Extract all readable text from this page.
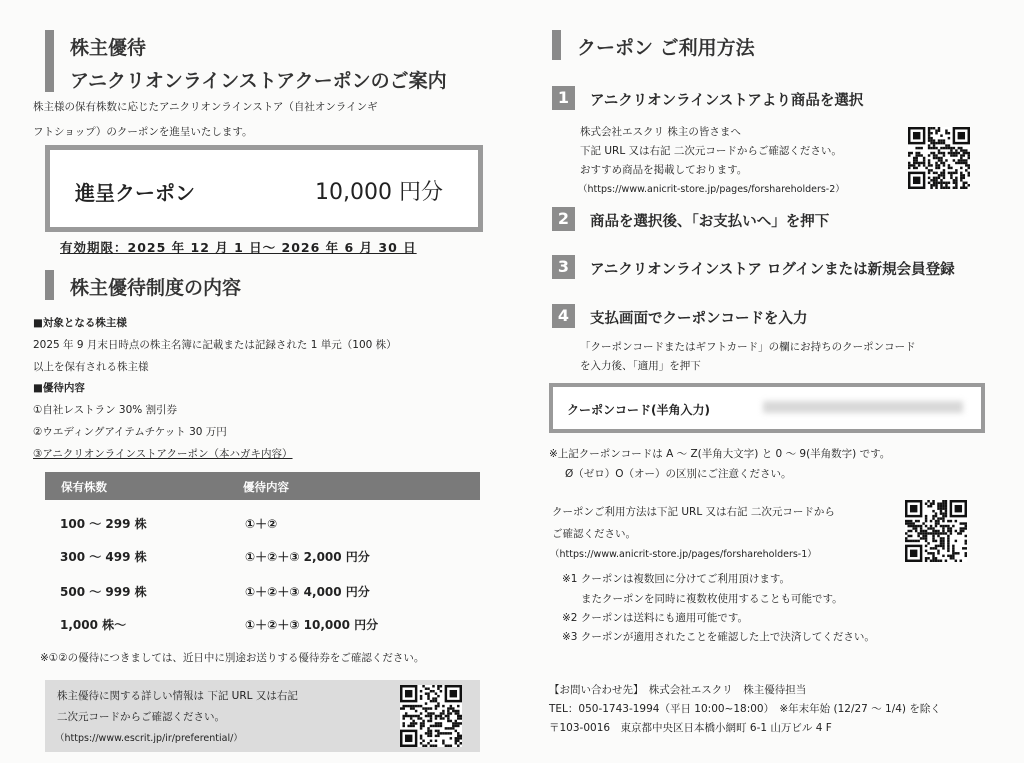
株主優待
アニクリオンラインストアクーポンのご案内
株主様の保有株数に応じたアニクリオンラインストア（自社オンラインギ
フトショップ）のクーポンを進呈いたします。
進呈クーポン	10,000 円分
有効期限：2025 年 12 月 1 日～ 2026 年 6 月 30 日
株主優待制度の内容
■対象となる株主様
2025 年 9 月末日時点の株主名簿に記載または記録された 1 単元（100 株）
以上を保有される株主様
■優待内容
①自社レストラン 30% 割引券
②ウエディングアイテムチケット 30 万円
③アニクリオンラインストアクーポン（本ハガキ内容）
保有株数	優待内容
100 ～ 299 株	①＋②
300 ～ 499 株	①＋②＋③ 2,000 円分
500 ～ 999 株	①＋②＋③ 4,000 円分
1,000 株～	①＋②＋③ 10,000 円分
※①②の優待につきましては、近日中に別途お送りする優待券をご確認ください。
株主優待に関する詳しい情報は 下記 URL 又は右記
二次元コードからご確認ください。
（https://www.escrit.jp/ir/preferential/）
クーポン ご利用方法
1	アニクリオンラインストアより商品を選択
株式会社エスクリ 株主の皆さまへ
下記 URL 又は右記 二次元コードからご確認ください。
おすすめ商品を掲載しております。
（https://www.anicrit-store.jp/pages/forshareholders-2）
2	商品を選択後、「お支払いへ」を押下
3	アニクリオンラインストア ログインまたは新規会員登録
4	支払画面でクーポンコードを入力
「クーポンコードまたはギフトカード」の欄にお持ちのクーポンコード
を入力後、「適用」を押下
クーポンコード(半角入力)
※上記クーポンコードは A ～ Z(半角大文字) と 0 ～ 9(半角数字) です。
Ø（ゼロ）O（オー）の区別にご注意ください。
クーポンご利用方法は下記 URL 又は右記 二次元コードから
ご確認ください。
（https://www.anicrit-store.jp/pages/forshareholders-1）
※1 クーポンは複数回に分けてご利用頂けます。
またクーポンを同時に複数枚使用することも可能です。
※2 クーポンは送料にも適用可能です。
※3 クーポンが適用されたことを確認した上で決済してください。
【お問い合わせ先】　株式会社エスクリ　株主優待担当
TEL：050-1743-1994（平日 10:00~18:00）　※年末年始 (12/27 ～ 1/4) を除く
〒103-0016　東京都中央区日本橋小網町 6-1 山万ビル 4 F
